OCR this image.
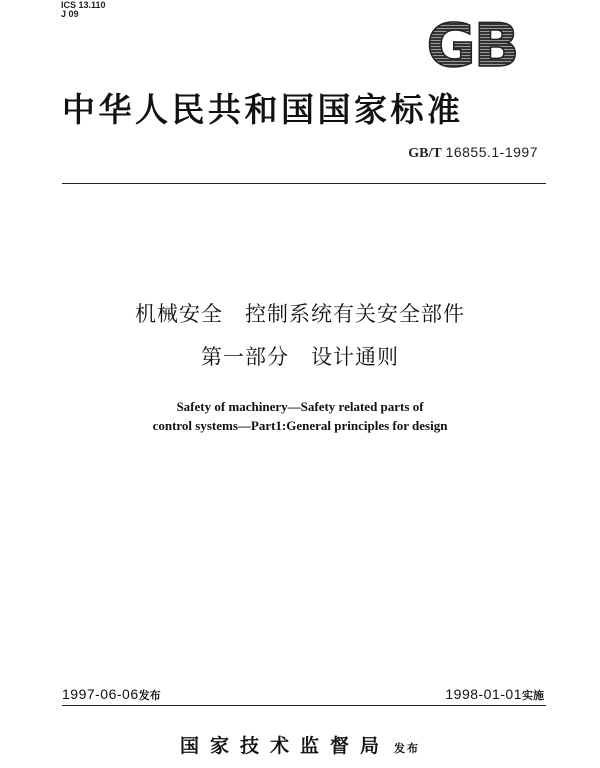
ICS 13.110
J 09	GB
中华人民共和国国家标准
GB/T 16855.1-1997
机械安全　控制系统有关安全部件
第一部分　设计通则
Safety of machinery—Safety related parts of
control systems—Part1:General principles for design
1997-06-06发布	1998-01-01实施
国家技术监督局 发布
